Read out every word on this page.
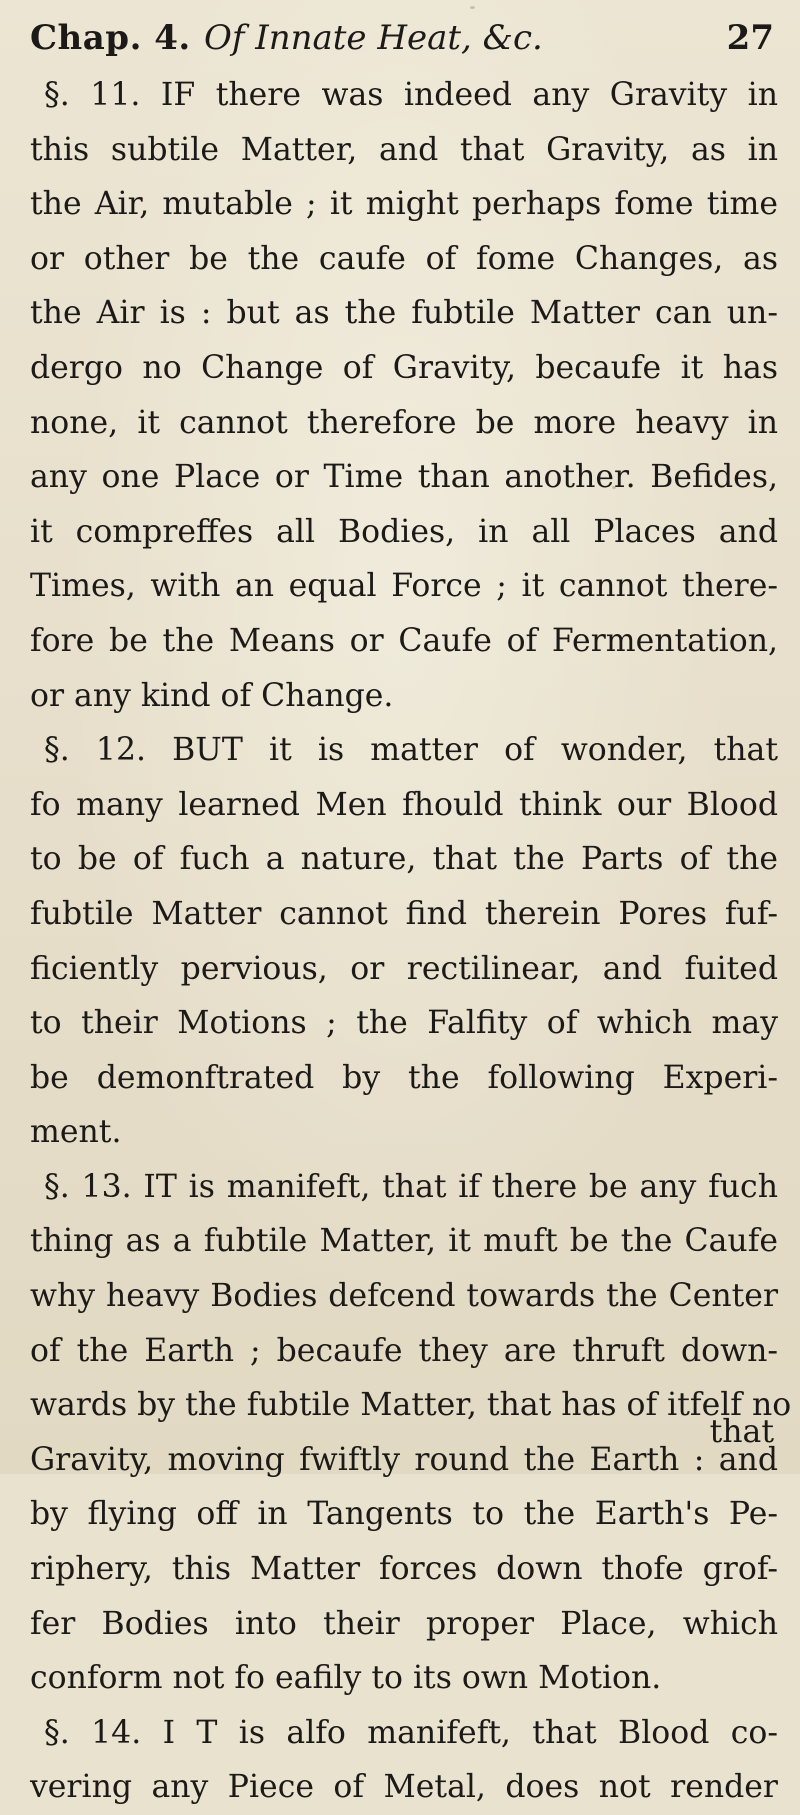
Chap. 4. Of Innate Heat, &c.	27
§. 11. IF there was indeed any Gravity in
this subtile Matter, and that Gravity, as in
the Air, mutable ; it might perhaps fome time
or other be the caufe of fome Changes, as
the Air is : but as the fubtile Matter can un-
dergo no Change of Gravity, becaufe it has
none, it cannot therefore be more heavy in
any one Place or Time than another. Befides,
it compreffes all Bodies, in all Places and
Times, with an equal Force ; it cannot there-
fore be the Means or Caufe of Fermentation,
or any kind of Change.
§. 12. BUT it is matter of wonder, that
fo many learned Men fhould think our Blood
to be of fuch a nature, that the Parts of the
fubtile Matter cannot find therein Pores fuf-
ficiently pervious, or rectilinear, and fuited
to their Motions ; the Falfity of which may
be demonftrated by the following Experi-
ment.
§. 13. IT is manifeft, that if there be any fuch
thing as a fubtile Matter, it muft be the Caufe
why heavy Bodies defcend towards the Center
of the Earth ; becaufe they are thruft down-
wards by the fubtile Matter, that has of itfelf no
Gravity, moving fwiftly round the Earth : and
by flying off in Tangents to the Earth's Pe-
riphery, this Matter forces down thofe grof-
fer Bodies into their proper Place, which
conform not fo eafily to its own Motion.
§. 14. I T is alfo manifeft, that Blood co-
vering any Piece of Metal, does not render
that
